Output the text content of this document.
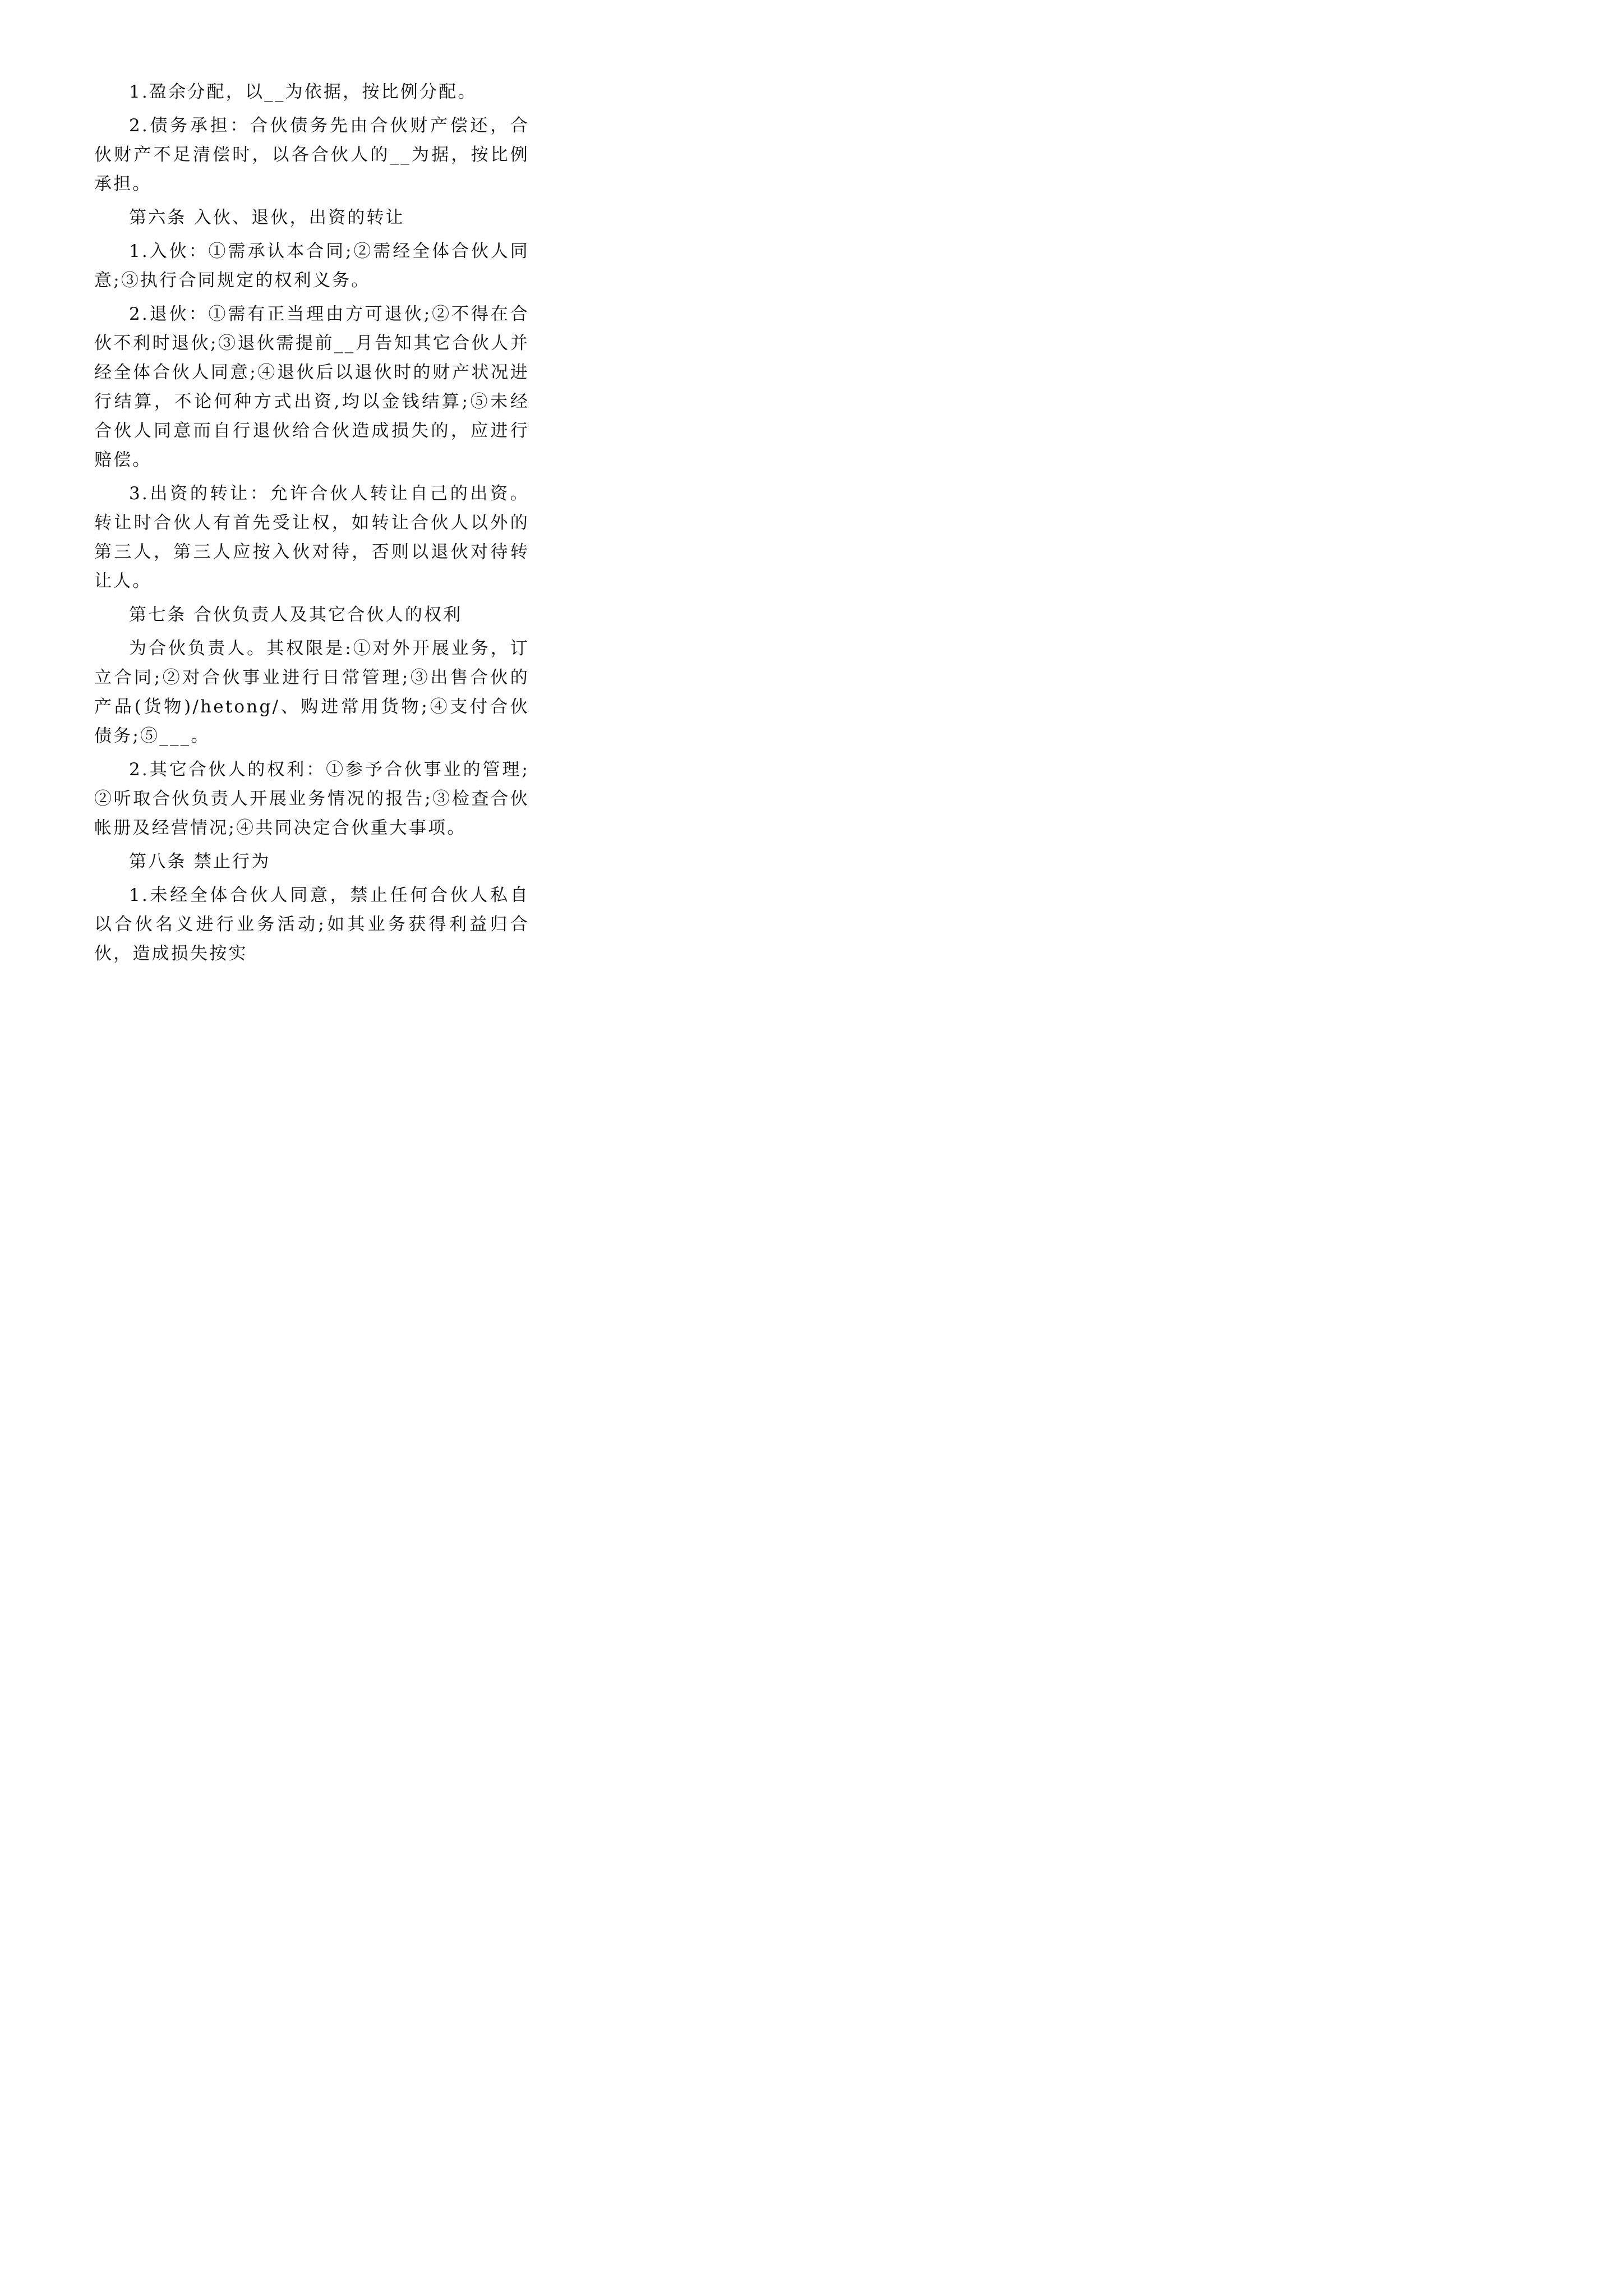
1.盈余分配，以__为依据，按比例分配。

2.债务承担：合伙债务先由合伙财产偿还，合伙财产不足清偿时，以各合伙人的__为据，按比例承担。

第六条 入伙、退伙，出资的转让

1.入伙：①需承认本合同;②需经全体合伙人同意;③执行合同规定的权利义务。

2.退伙：①需有正当理由方可退伙;②不得在合伙不利时退伙;③退伙需提前__月告知其它合伙人并经全体合伙人同意;④退伙后以退伙时的财产状况进行结算，不论何种方式出资,均以金钱结算;⑤未经合伙人同意而自行退伙给合伙造成损失的，应进行赔偿。

3.出资的转让：允许合伙人转让自己的出资。转让时合伙人有首先受让权，如转让合伙人以外的第三人，第三人应按入伙对待，否则以退伙对待转让人。

第七条 合伙负责人及其它合伙人的权利

为合伙负责人。其权限是:①对外开展业务，订立合同;②对合伙事业进行日常管理;③出售合伙的产品(货物)/hetong/、购进常用货物;④支付合伙债务;⑤___。

2.其它合伙人的权利：①参予合伙事业的管理;②听取合伙负责人开展业务情况的报告;③检查合伙帐册及经营情况;④共同决定合伙重大事项。

第八条 禁止行为

1.未经全体合伙人同意，禁止任何合伙人私自以合伙名义进行业务活动;如其业务获得利益归合伙，造成损失按实
